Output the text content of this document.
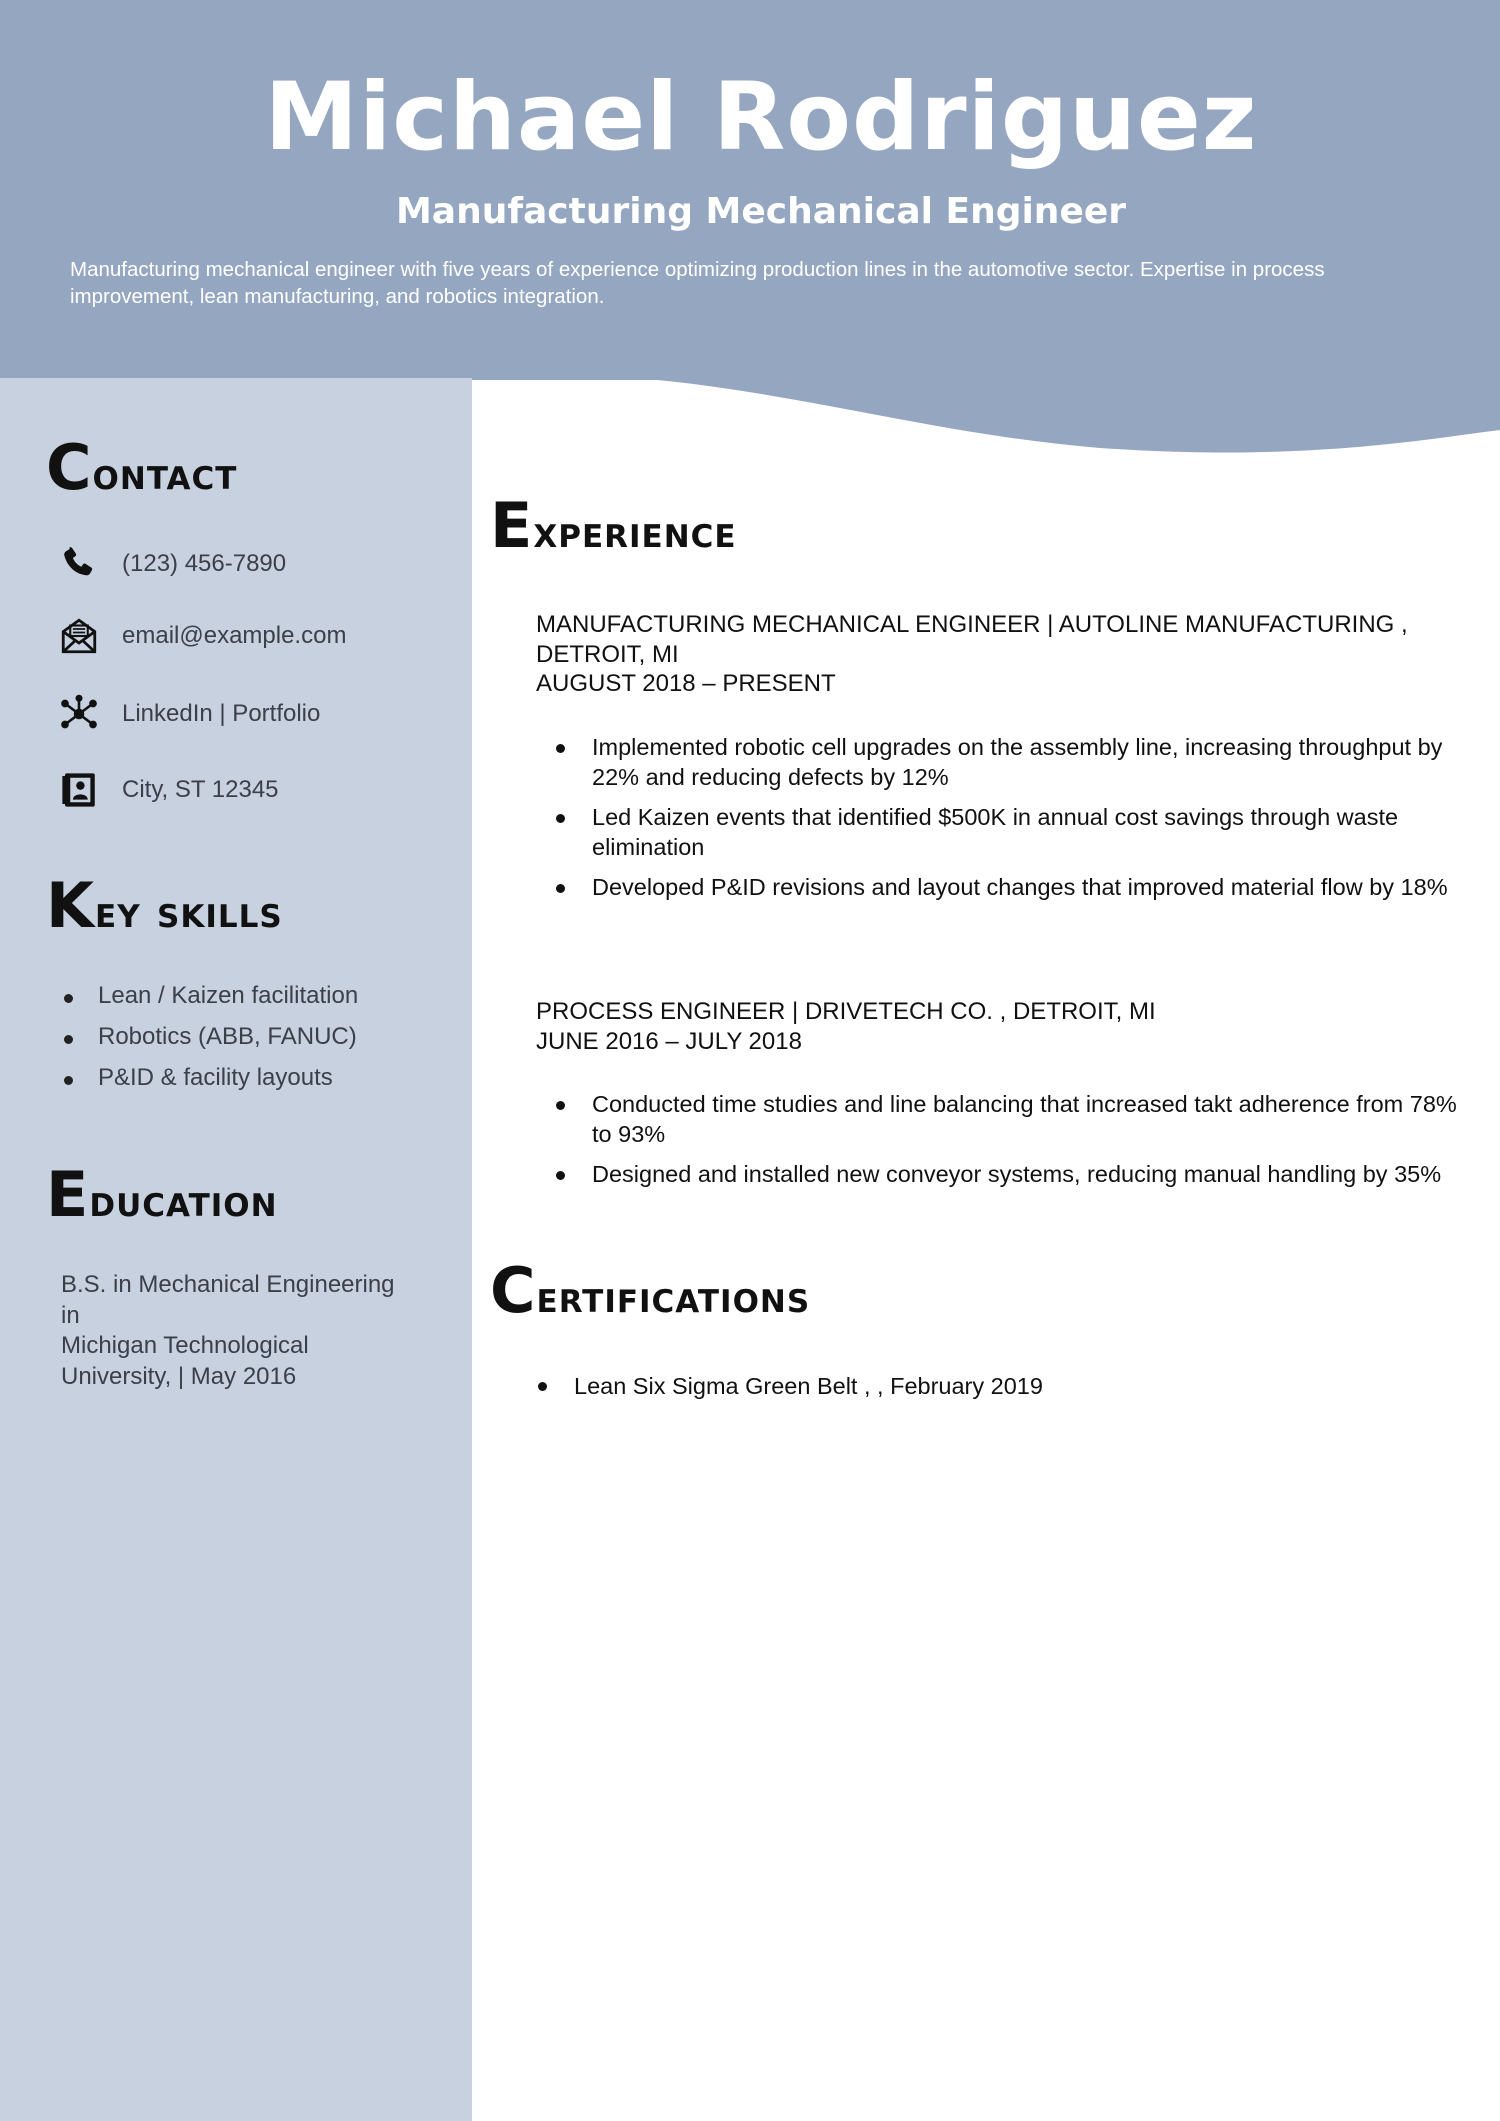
Michael Rodriguez
Manufacturing Mechanical Engineer
Manufacturing mechanical engineer with five years of experience optimizing production lines in the automotive sector. Expertise in process improvement, lean manufacturing, and robotics integration.
Contact
(123) 456-7890
email@example.com
LinkedIn | Portfolio
City, ST 12345
Key skills
Lean / Kaizen facilitation
Robotics (ABB, FANUC)
P&ID & facility layouts
Education
B.S. in Mechanical Engineering
in
Michigan Technological
University, | May 2016
Experience
MANUFACTURING MECHANICAL ENGINEER | AUTOLINE MANUFACTURING ,
DETROIT, MI
AUGUST 2018 – PRESENT
Implemented robotic cell upgrades on the assembly line, increasing throughput by 22% and reducing defects by 12%
Led Kaizen events that identified $500K in annual cost savings through waste elimination
Developed P&ID revisions and layout changes that improved material flow by 18%
PROCESS ENGINEER | DRIVETECH CO. , DETROIT, MI
JUNE 2016 – JULY 2018
Conducted time studies and line balancing that increased takt adherence from 78% to 93%
Designed and installed new conveyor systems, reducing manual handling by 35%
Certifications
Lean Six Sigma Green Belt , , February 2019
